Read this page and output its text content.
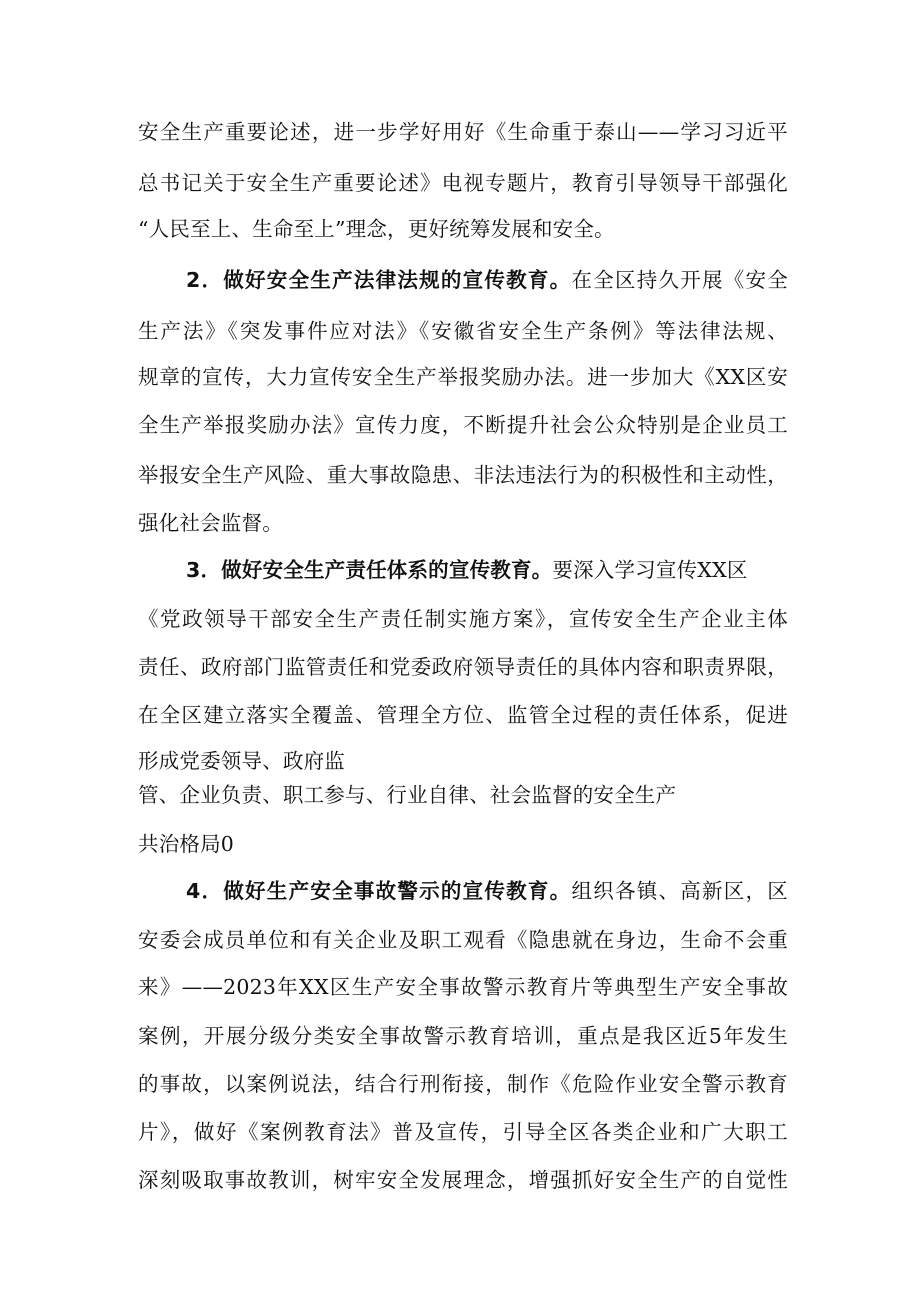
安全生产重要论述，进一步学好用好《生命重于泰山——学习习近平
总书记关于安全生产重要论述》电视专题片，教育引导领导干部强化
“人民至上、生命至上”理念，更好统筹发展和安全。
2．做好安全生产法律法规的宣传教育。在全区持久开展《安全
生产法》《突发事件应对法》《安徽省安全生产条例》等法律法规、
规章的宣传，大力宣传安全生产举报奖励办法。进一步加大《XX区安
全生产举报奖励办法》宣传力度，不断提升社会公众特别是企业员工
举报安全生产风险、重大事故隐患、非法违法行为的积极性和主动性，
强化社会监督。
3．做好安全生产责任体系的宣传教育。要深入学习宣传XX区
《党政领导干部安全生产责任制实施方案》，宣传安全生产企业主体
责任、政府部门监管责任和党委政府领导责任的具体内容和职责界限，
在全区建立落实全覆盖、管理全方位、监管全过程的责任体系，促进
形成党委领导、政府监
管、企业负责、职工参与、行业自律、社会监督的安全生产
共治格局0
4．做好生产安全事故警示的宣传教育。组织各镇、高新区，区
安委会成员单位和有关企业及职工观看《隐患就在身边，生命不会重
来》——2023年XX区生产安全事故警示教育片等典型生产安全事故
案例，开展分级分类安全事故警示教育培训，重点是我区近5年发生
的事故，以案例说法，结合行刑衔接，制作《危险作业安全警示教育
片》，做好《案例教育法》普及宣传，引导全区各类企业和广大职工
深刻吸取事故教训，树牢安全发展理念，增强抓好安全生产的自觉性
